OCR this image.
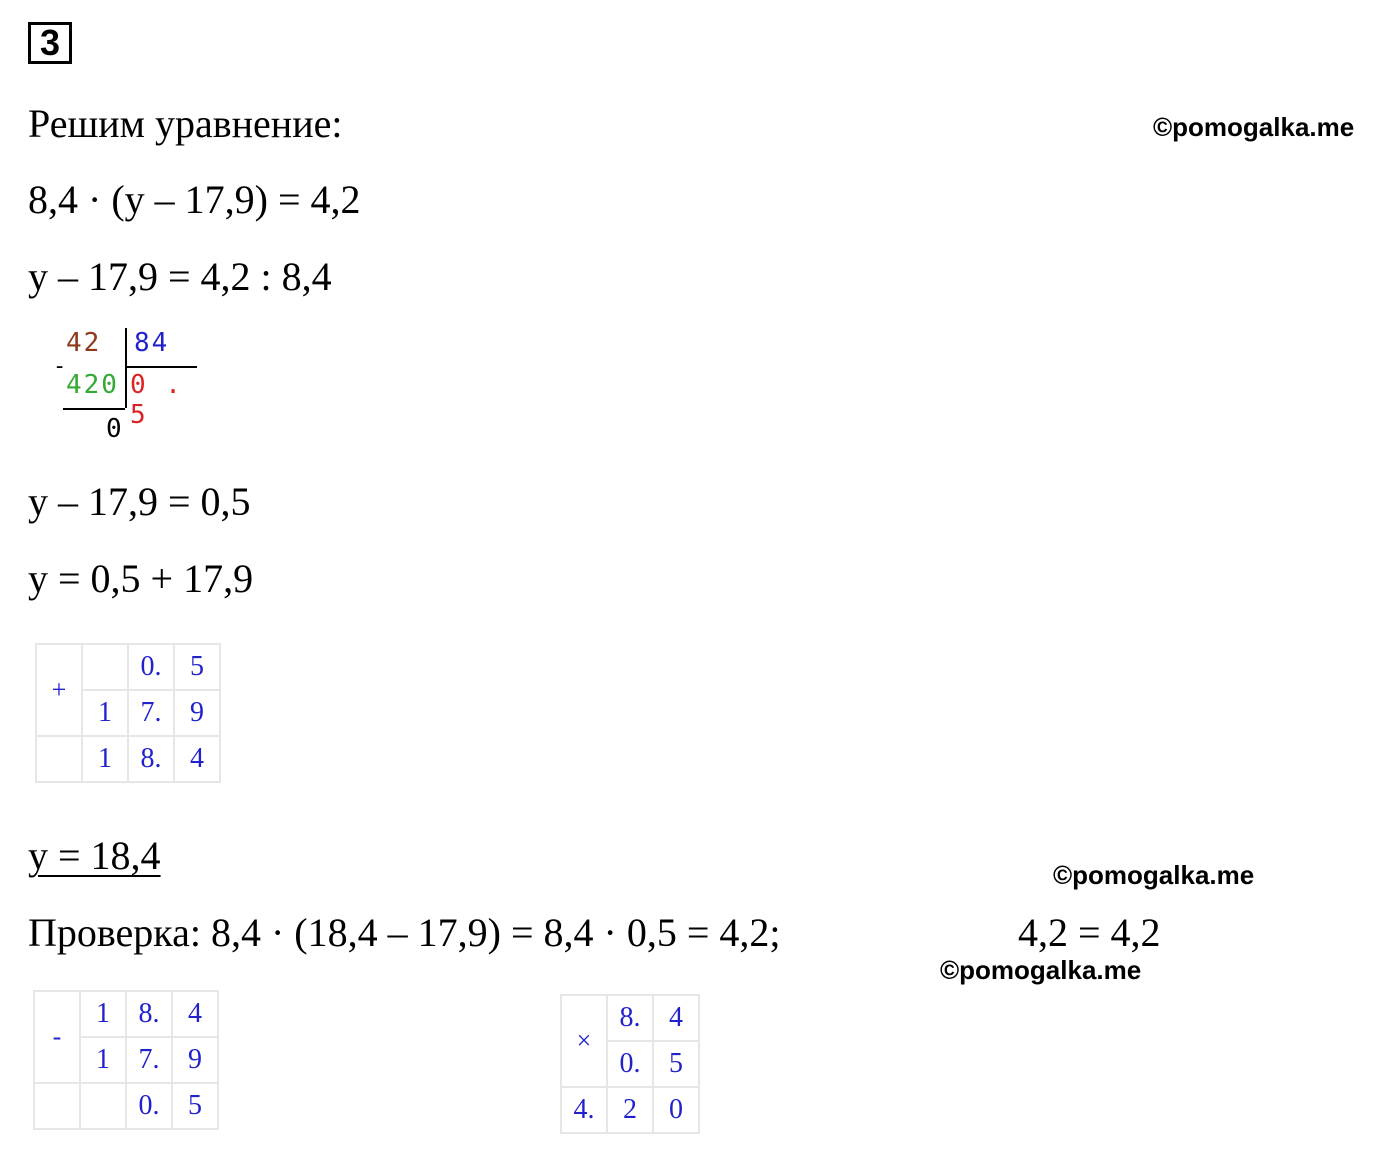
3
Решим уравнение:	©pomogalka.me
8,4 · (у – 17,9) = 4,2
у – 17,9 = 4,2 : 8,4
42 84
-
420 0 . 5
0
у – 17,9 = 0,5
у = 0,5 + 17,9
+		0.	5
	1	7.	9
	1	8.	4
у = 18,4	©pomogalka.me
Проверка: 8,4 · (18,4 – 17,9) = 8,4 · 0,5 = 4,2;	4,2 = 4,2
©pomogalka.me
-	1	8.	4
	1	7.	9
		0.	5
×	8.	4
	0.	5
4.	2	0
